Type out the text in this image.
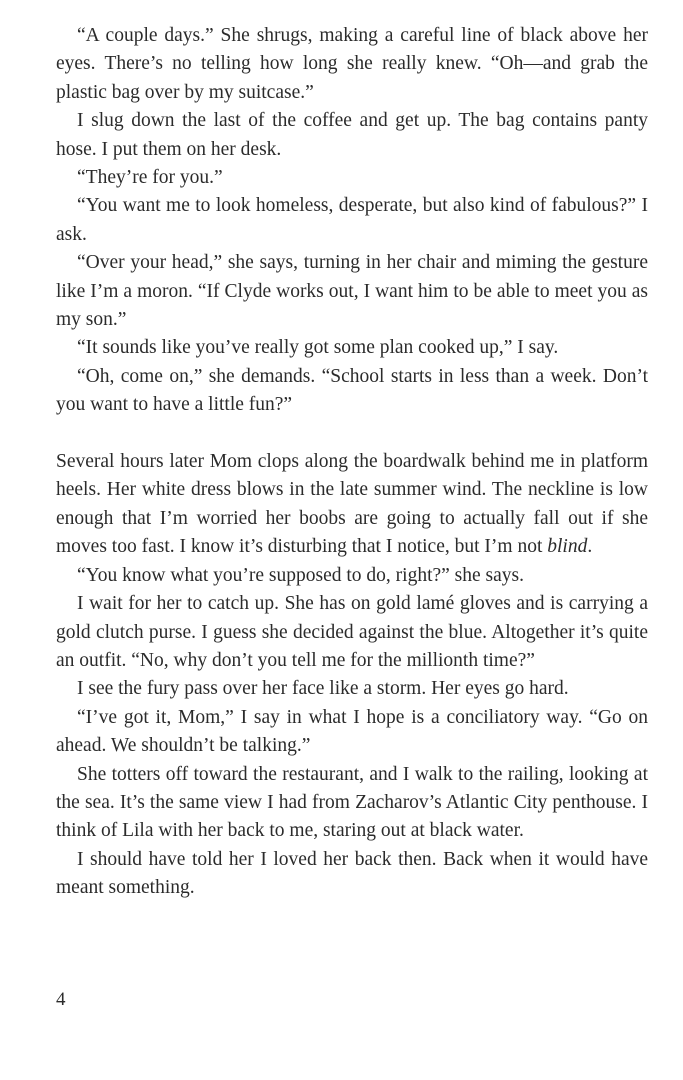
“A couple days.” She shrugs, making a careful line of black above her eyes. There’s no telling how long she really knew. “Oh—and grab the plastic bag over by my suitcase.”

I slug down the last of the coffee and get up. The bag contains panty hose. I put them on her desk.

“They’re for you.”

“You want me to look homeless, desperate, but also kind of fabulous?” I ask.

“Over your head,” she says, turning in her chair and miming the gesture like I’m a moron. “If Clyde works out, I want him to be able to meet you as my son.”

“It sounds like you’ve really got some plan cooked up,” I say.

“Oh, come on,” she demands. “School starts in less than a week. Don’t you want to have a little fun?”

Several hours later Mom clops along the boardwalk behind me in platform heels. Her white dress blows in the late summer wind. The neckline is low enough that I’m worried her boobs are going to actually fall out if she moves too fast. I know it’s disturbing that I notice, but I’m not blind.

“You know what you’re supposed to do, right?” she says.

I wait for her to catch up. She has on gold lamé gloves and is carrying a gold clutch purse. I guess she decided against the blue. Altogether it’s quite an outfit. “No, why don’t you tell me for the millionth time?”

I see the fury pass over her face like a storm. Her eyes go hard.

“I’ve got it, Mom,” I say in what I hope is a conciliatory way. “Go on ahead. We shouldn’t be talking.”

She totters off toward the restaurant, and I walk to the railing, looking at the sea. It’s the same view I had from Zacharov’s Atlantic City penthouse. I think of Lila with her back to me, staring out at black water.

I should have told her I loved her back then. Back when it would have meant something.

4
